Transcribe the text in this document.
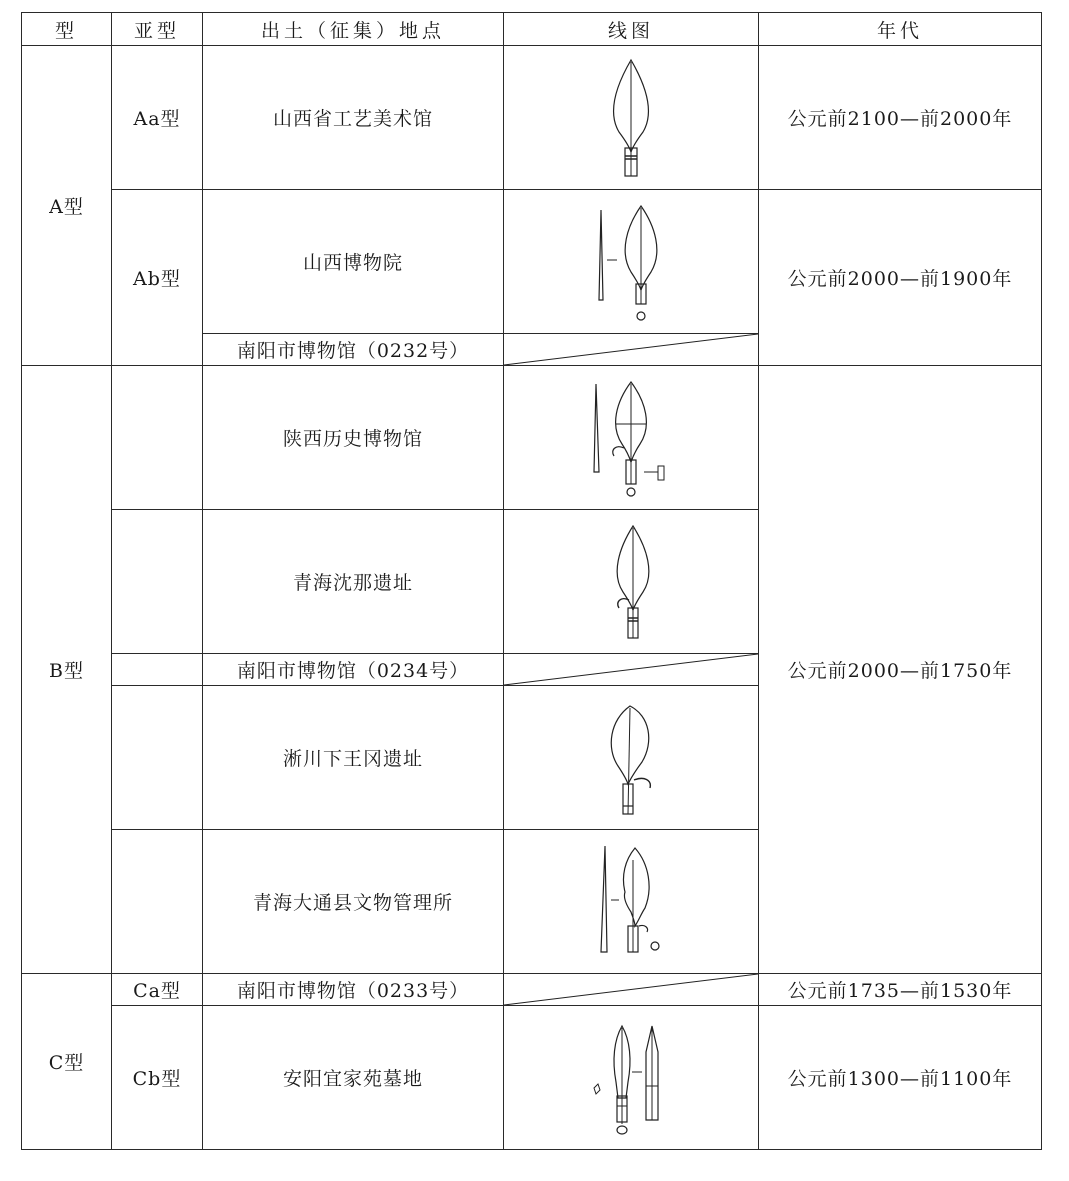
型	亚型	出土（征集）地点	线图	年代
A型	Aa型	山西省工艺美术馆		公元前2100—前2000年
	Ab型	山西博物院		公元前2000—前1900年
		南阳市博物馆（0232号）	

B型		陕西历史博物馆		公元前2000—前1750年
		青海沈那遗址	

		南阳市博物馆（0234号）	

		淅川下王冈遗址	

		青海大通县文物管理所	

C型	Ca型	南阳市博物馆（0233号）		公元前1735—前1530年
	Cb型	安阳宜家苑墓地		公元前1300—前1100年
